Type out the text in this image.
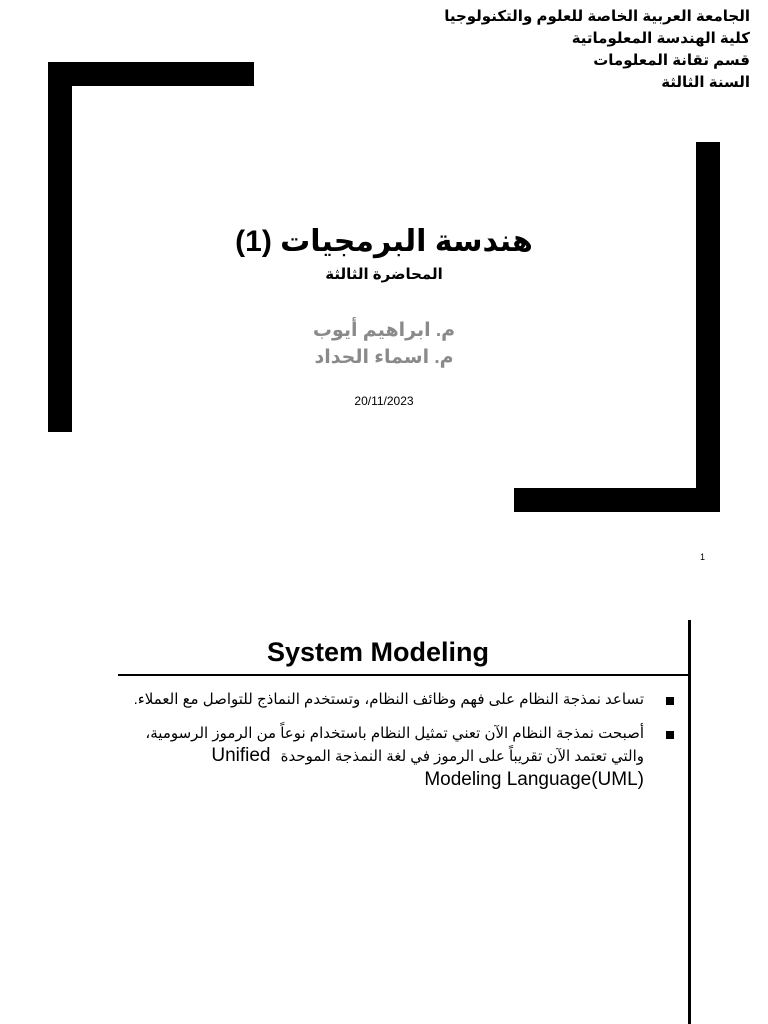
الجامعة العربية الخاصة للعلوم والتكنولوجيا
كلية الهندسة المعلوماتية
قسم تقانة المعلومات
السنة الثالثة
هندسة البرمجيات (1)
المحاضرة الثالثة
م. ابراهيم أيوب
م. اسماء الحداد
20/11/2023
1
System Modeling
تساعد نمذجة النظام على فهم وظائف النظام، وتستخدم النماذج للتواصل مع العملاء.
أصبحت نمذجة النظام الآن تعني تمثيل النظام باستخدام نوعاً من الرموز الرسومية،
والتي تعتمد الآن تقريباً على الرموز في لغة النمذجة الموحدة Unified
Modeling Language(UML)
